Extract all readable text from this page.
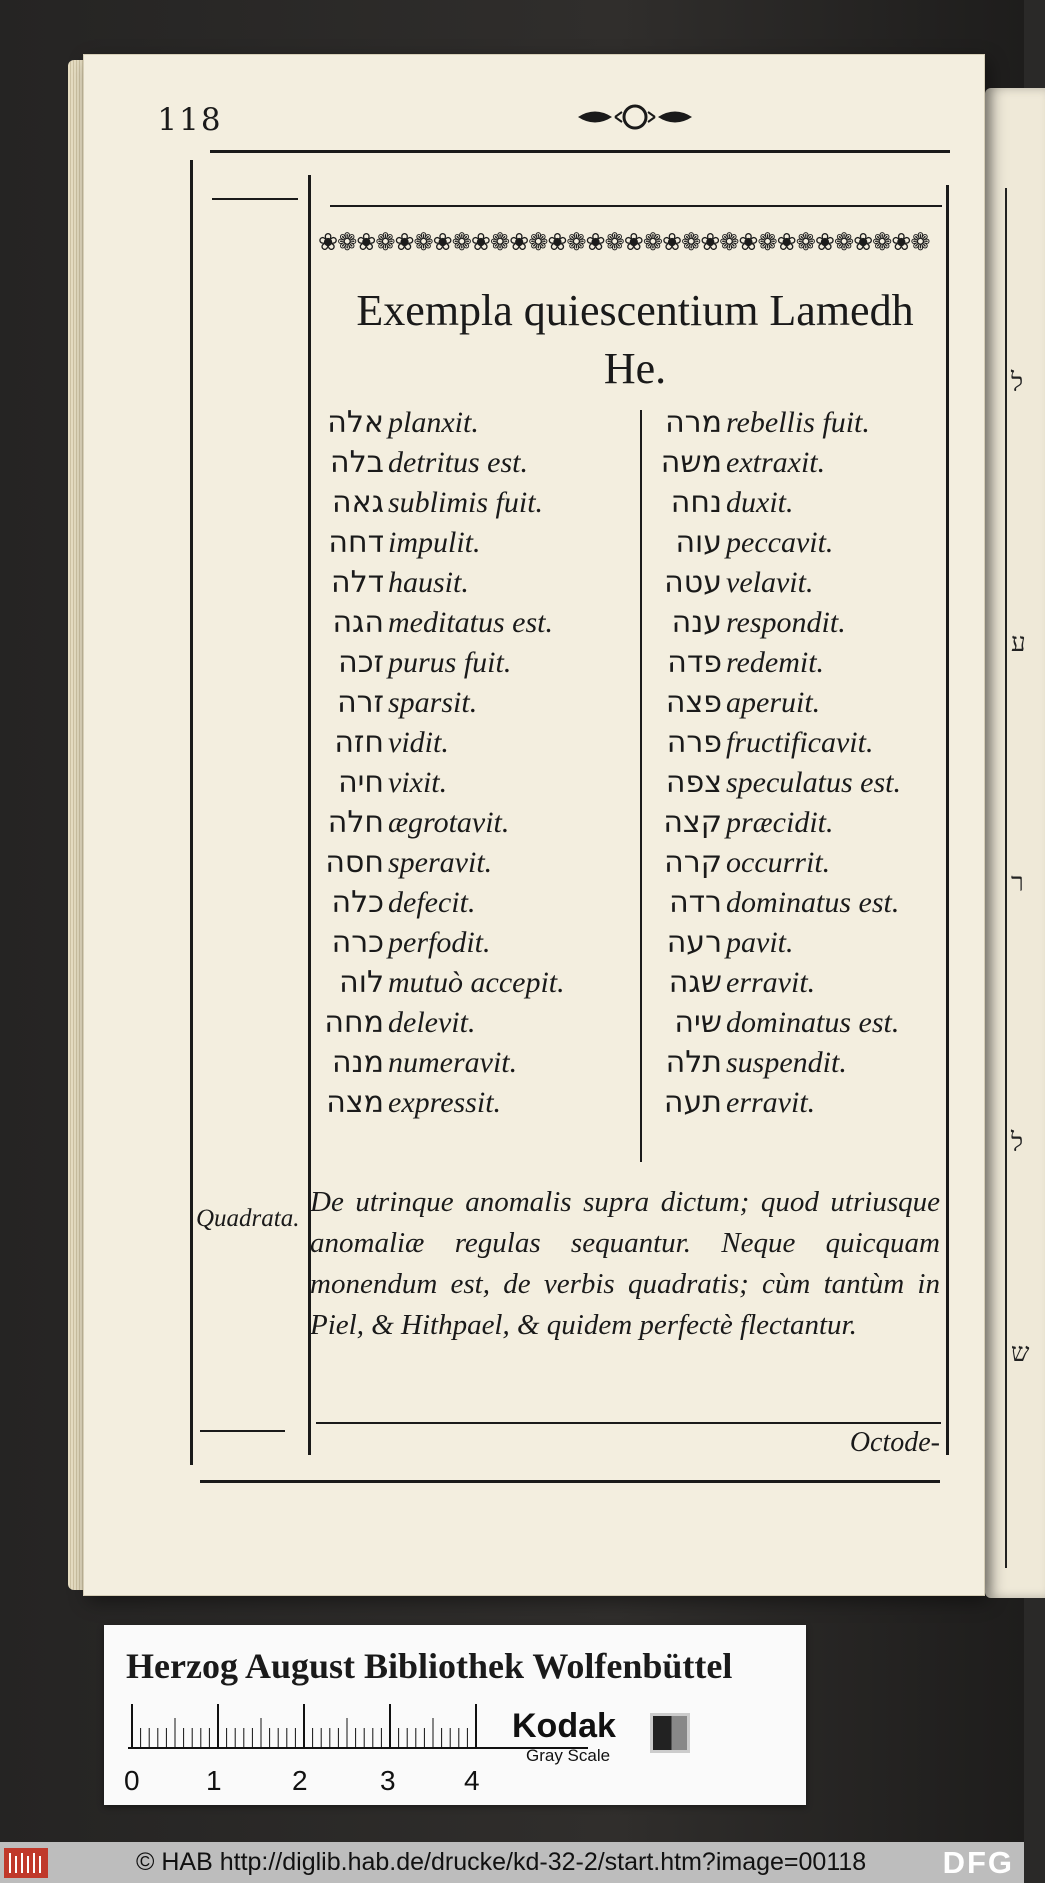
ל
ע
ר
ל
ש
118
❀❁❀❁❀❁❀❁❀❁❀❁❀❁❀❁❀❁❀❁❀❁❀❁❀❁❀❁❀❁❀❁
Exempla quiescentium Lamedh He.
אלה planxit.
בלה detritus est.
גאה sublimis fuit.
דחה impulit.
דלה hausit.
הגה meditatus est.
זכה purus fuit.
זרה sparsit.
חזה vidit.
חיה vixit.
חלה ægrotavit.
חסה speravit.
כלה defecit.
כרה perfodit.
לוה mutuò accepit.
מחה delevit.
מנה numeravit.
מצה expressit.
מרה rebellis fuit.
משה extraxit.
נחה duxit.
עוה peccavit.
עטה velavit.
ענה respondit.
פדה redemit.
פצה aperuit.
פרה fructificavit.
צפה speculatus est.
קצה præcidit.
קרה occurrit.
רדה dominatus est.
רעה pavit.
שגה erravit.
שיה dominatus est.
תלה suspendit.
תעה erravit.
Quadrata.
De utrinque anomalis supra dictum; quod utriusque anomaliæ regulas sequantur. Neque quicquam monendum est, de verbis quadratis; cùm tantùm in Piel, & Hithpael, & quidem perfectè flectantur.
Octode-
Herzog August Bibliothek Wolfenbüttel
0 1	2	3 4
Kodak
Gray Scale
© HAB http://diglib.hab.de/drucke/kd-32-2/start.htm?image=00118 DFG
